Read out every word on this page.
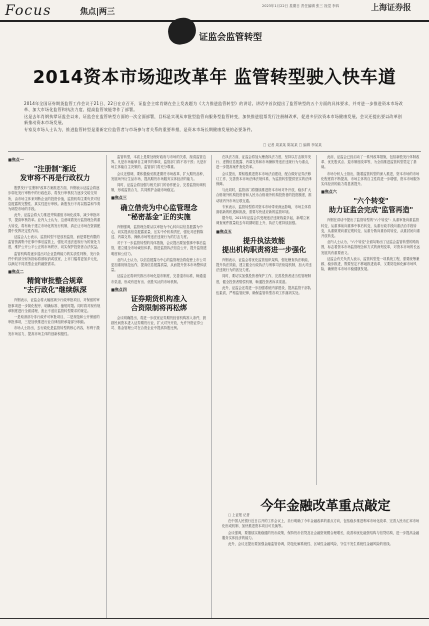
Focus	焦点|两三
2023年1月22日 星期日 责任编辑 张三 视觉 李四	上海证券报
证监会监管转型
2014资本市场迎改革年 监管转型驶入快车道

2014年全国证券期货监管工作会议于21日、22日在京召开，证监会主席肖钢在会上发表题为《大力推进监管转型》的讲话。讲话中首次提出了监管转型的五个方面的具体要求，并对进一步推进资本市场改革、加大市场化监管和执法力度、提高监管效能等作了部署。

这是去年肖钢执掌证监会以来，证监会在监管转型方面的一次全面部署，目标是实现从审批型监管向服务型监管转变，加快推进股票发行注册制改革，促进多层次资本市场健康发展。会议还提出要以改革创新推动资本市场发展。

专家及市场人士认为，推进监管转型是重新定位监管者与市场参与者关系的重要举措，是资本市场长期健康发展的必要条件。

□ 记者 周某某 陈某某 □ 编辑 李某某
■焦点一
"注册制"渐近
发审将不再是行政权力
股票发行"注册制"改革方案推进方面，肖钢表示证监会将逐步弱化发行审核中的行政色彩，将发行审核权力逐步交给交易所，由市场主体来判断企业的投资价值，监管机构主要负责对信息披露的完整性、真实性进行审核。新股发行不再以数量和节奏为调控市场的手段。
此外，证监会将大力推进并购重组市场化改革，减少审批环节，提高审核效率。业内人士认为，这意味着发行监管理念的重大转变，将有助于建立市场化的发行机制，真正让市场在资源配置中发挥决定性作用。
证监会人士表示，监管转型不是放松监管，而是要把有限的监管资源集中在事中事后监管上，强化对违法违规行为的查处力度，维护公开公平公正的市场秩序，切实保护投资者合法权益。
监管机构将逐步退出对企业盈利能力的实质性判断，发行条件中的部分财务指标将被取消或放宽，上市门槛将更加多元化，以满足不同类型企业的融资需求。
■焦点二
精简审批整合规章
"去行政化"继续纵深
肖钢表示，证监会将大幅度减少行政审批项目，对保留的审批事项进一步简化程序、明确标准、缩短时限。同时将对现有规章制度进行全面清理，废止不适应监管转型要求的规定。
一是取消部分非行政许可审批项目，二是规范和公开保留的审批事项，三是加快推进行业自律组织承接部分职能。
市场人士指出，去行政化是监管转型的核心内容，有利于激发市场活力，提高市场主体的创新积极性。
监管转型，本质上是要处理好政府与市场的关系，厘清监管边界。凡是市场能够自主调节的事项，监管部门将不再干预；凡是市场主体能自主决策的，监管部门将充分尊重。
会议还强调，要积极稳妥推进期货市场改革，扩大期货品种，发展场外衍生品市场，提高期货市场服务实体经济的能力。
同时，证监会将加强与相关部门的协作配合，完善监管协调机制，形成监管合力，共同维护金融市场稳定。
■焦点三
确立借壳为中心监管理念
"秘密基金"正的实施
肖钢强调，监管理念要从以审批为中心转向以信息披露为中心，切实提高信息披露质量，压实中介机构责任，强化对虚假陈述、内幕交易、操纵市场等违法违规行为的打击力度。
对于下一步监管转型的具体措施，会议提出要加强事中事后监管，建立健全市场诚信体系，推进监管执法信息公开，提升监管透明度和公信力。
业内人士认为，以信息披露为中心的监管理念将促使上市公司更加重视规范运作，提高信息披露质量，从而提升资本市场整体质量。
证监会还将研究推出市场化退市制度，完善退市标准，畅通退市渠道，形成有进有出、优胜劣汰的市场机制。
■焦点四
证券期货机构准入
合资限制将再松绑
会议明确提出，将进一步放宽证券期货经营机构准入条件，鼓励民间资本进入证券期货行业，扩大对外开放，允许外资证券公司、基金管理公司在合资企业中提高持股比例。
在执法方面，证监会将加大稽查执法力度，坚持以打击欺诈发行、虚假信息披露、内幕交易和市场操纵等违法违规行为为重点，进一步提高案件查处效率。
会议提出，要积极推进资本市场法治建设，配合做好证券法修订工作，完善资本市场法律法规体系，为监管转型提供坚实的法律保障。
与此同时，监管部门将继续推进资本市场对外开放，稳步扩大合格境外机构投资者和人民币合格境外机构投资者的投资额度，推动境内外市场互联互通。
专家表示，监管转型将对资本市场带来深远影响，市场主体将面临新的机遇和挑战，需要尽快适应新的监管环境。
据介绍，2013年证监会共受理违法违规线索多起，新增立案调查案件数量较去年同期明显上升，执法力度持续加强。
■焦点五
提升执法效能
提出机构职责将进一步强化
肖钢表示，证监会将优化监管组织架构，强化稽查执法职能，提升执法效能，建立健全行政执法与刑事司法衔接机制，加大对违法违规行为的惩处力度。
同时，要切实加强投资者保护工作，完善投资者适当性管理制度，健全投资者赔偿机制，畅通投资者诉求渠道。
此外，证监会还将进一步加强系统内部建设，提高监管干部队伍素质，严格监管纪律，确保监管转型各项工作落到实处。
此前，证监会已经启动了一系列改革措施，包括新股发行体制改革、优先股试点、退市制度改革等，为全面推进监管转型奠定了基础。
市场分析人士指出，随着监管转型的深入推进，资本市场的市场化程度将不断提高，市场主体的自主性将进一步增强，资本市场服务实体经济的能力将显著提升。
■焦点六
"六个转变"
助力证监会完成"监管再造"
肖钢在讲话中提出了监管转型的"六个转变"：从重审批向重监管转变，从重事前向重事中事后转变，从重行政手段向重法治手段转变，从重微观向重宏观转变，从重分散向重协同转变，从重封闭向重开放转变。
业内人士认为，"六个转变"全面勾勒出了证监会监管转型的路线图，标志着资本市场监管理念和方式的深刻变革，对资本市场的长远发展具有重要意义。
证监会有关负责人表示，监管转型是一项系统工程，需要统筹兼顾、稳步推进，既要坚定不移地推进改革，又要防范和化解市场风险，确保资本市场平稳健康发展。
今年金融改革重点敲定
□ 上证报 记者
在中国人民银行近日召开的工作会议上，央行明确了今年金融改革的重点方向，包括稳步推进利率市场化改革、完善人民币汇率市场化形成机制、加快推进资本项目可兑换等。
会议强调，要继续实施稳健的货币政策，保持货币信贷及社会融资规模合理增长，改善和优化融资结构与信贷结构，进一步提高金融服务实体经济的能力。
此外，会议还提出要加强金融监管协调，防范化解系统性、区域性金融风险，守住不发生系统性金融风险的底线。
